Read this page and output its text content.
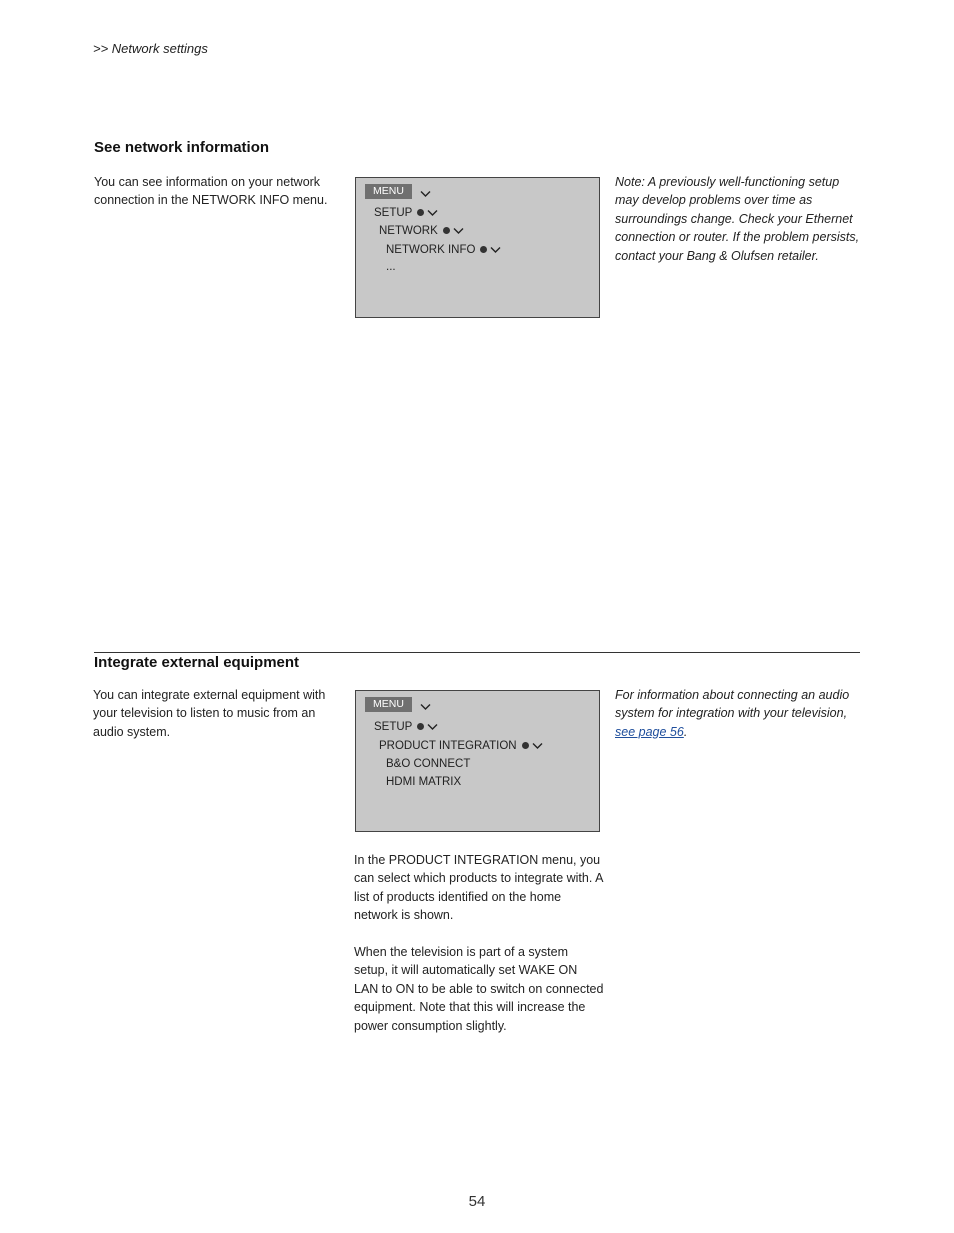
>> Network settings
See network information
You can see information on your network connection in the NETWORK INFO menu.
MENU
SETUP
NETWORK
NETWORK INFO
...
Note: A previously well-functioning setup may develop problems over time as surroundings change. Check your Ethernet connection or router. If the problem persists, contact your Bang & Olufsen retailer.
Integrate external equipment
You can integrate external equipment with your television to listen to music from an audio system.
MENU
SETUP
PRODUCT INTEGRATION
B&O CONNECT
HDMI MATRIX
For information about connecting an audio system for integration with your television, see page 56.
In the PRODUCT INTEGRATION menu, you can select which products to integrate with. A list of products identified on the home network is shown.
When the television is part of a system setup, it will automatically set WAKE ON LAN to ON to be able to switch on connected equipment. Note that this will increase the power consumption slightly.
54
